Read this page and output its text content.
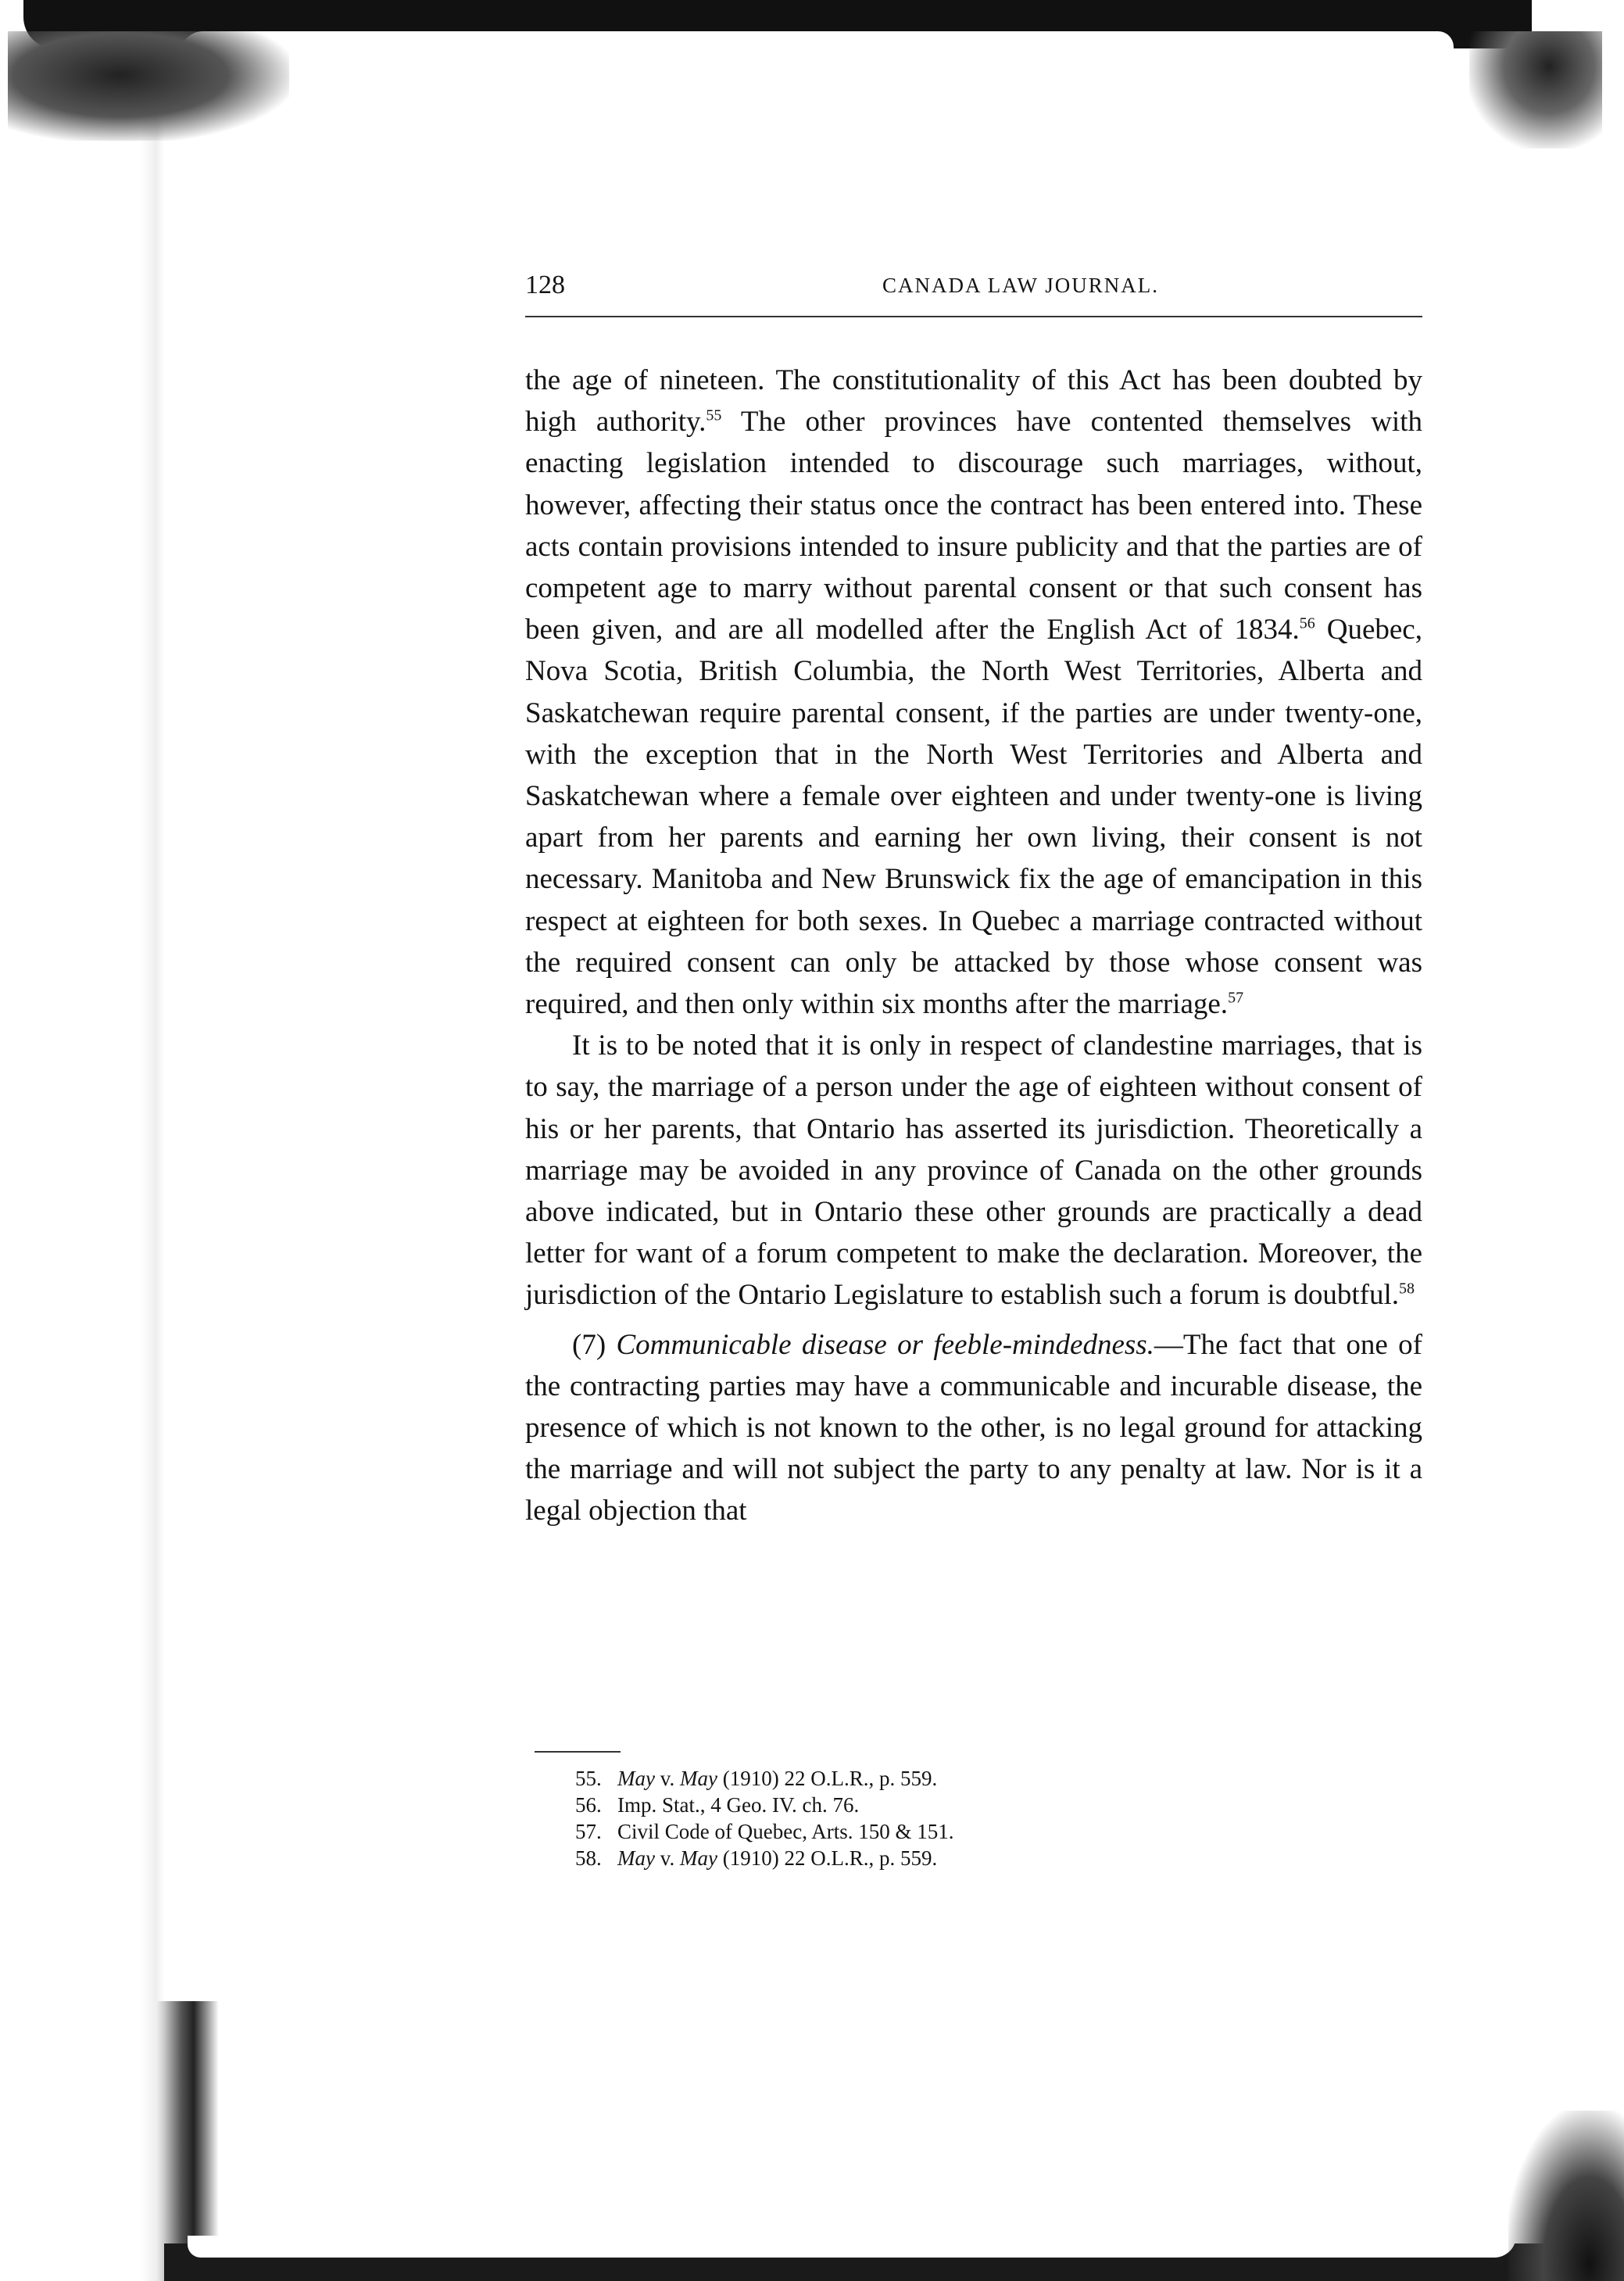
128	CANADA LAW JOURNAL.

the age of nineteen. The constitutionality of this Act has been doubted by high authority.$^{55}$ The other provinces have contented themselves with enacting legislation intended to discourage such marriages, without, however, affecting their status once the contract has been entered into. These acts contain provisions intended to insure publicity and that the parties are of competent age to marry without parental consent or that such consent has been given, and are all modelled after the English Act of 1834.56 Quebec, Nova Scotia, British Columbia, the North West Territories, Alberta and Saskatchewan require parental consent, if the parties are under twenty-one, with the exception that in the North West Territories and Alberta and Saskatchewan where a female over eighteen and under twenty-one is living apart from her parents and earning her own living, their consent is not necessary. Manitoba and New Brunswick fix the age of emancipation in this respect at eighteen for both sexes. In Quebec a marriage contracted without the required consent can only be attacked by those whose consent was required, and then only within six months after the marriage.$^{57}$

It is to be noted that it is only in respect of clandestine marriages, that is to say, the marriage of a person under the age of eighteen without consent of his or her parents, that Ontario has asserted its jurisdiction. Theoretically a marriage may be avoided in any province of Canada on the other grounds above indicated, but in Ontario these other grounds are practically a dead letter for want of a forum competent to make the declaration. Moreover, the jurisdiction of the Ontario Legislature to establish such a forum is doubtful.$^{58}$

(7) Communicable disease or feeble-mindedness.—The fact that one of the contracting parties may have a communicable and incurable disease, the presence of which is not known to the other, is no legal ground for attacking the marriage and will not subject the party to any penalty at law. Nor is it a legal objection that

55. May v. May (1910) 22 O.L.R., p. 559.
56. Imp. Stat., 4 Geo. IV. ch. 76.
57. Civil Code of Quebec, Arts. 150 & 151.
58. May v. May (1910) 22 O.L.R., p. 559.
